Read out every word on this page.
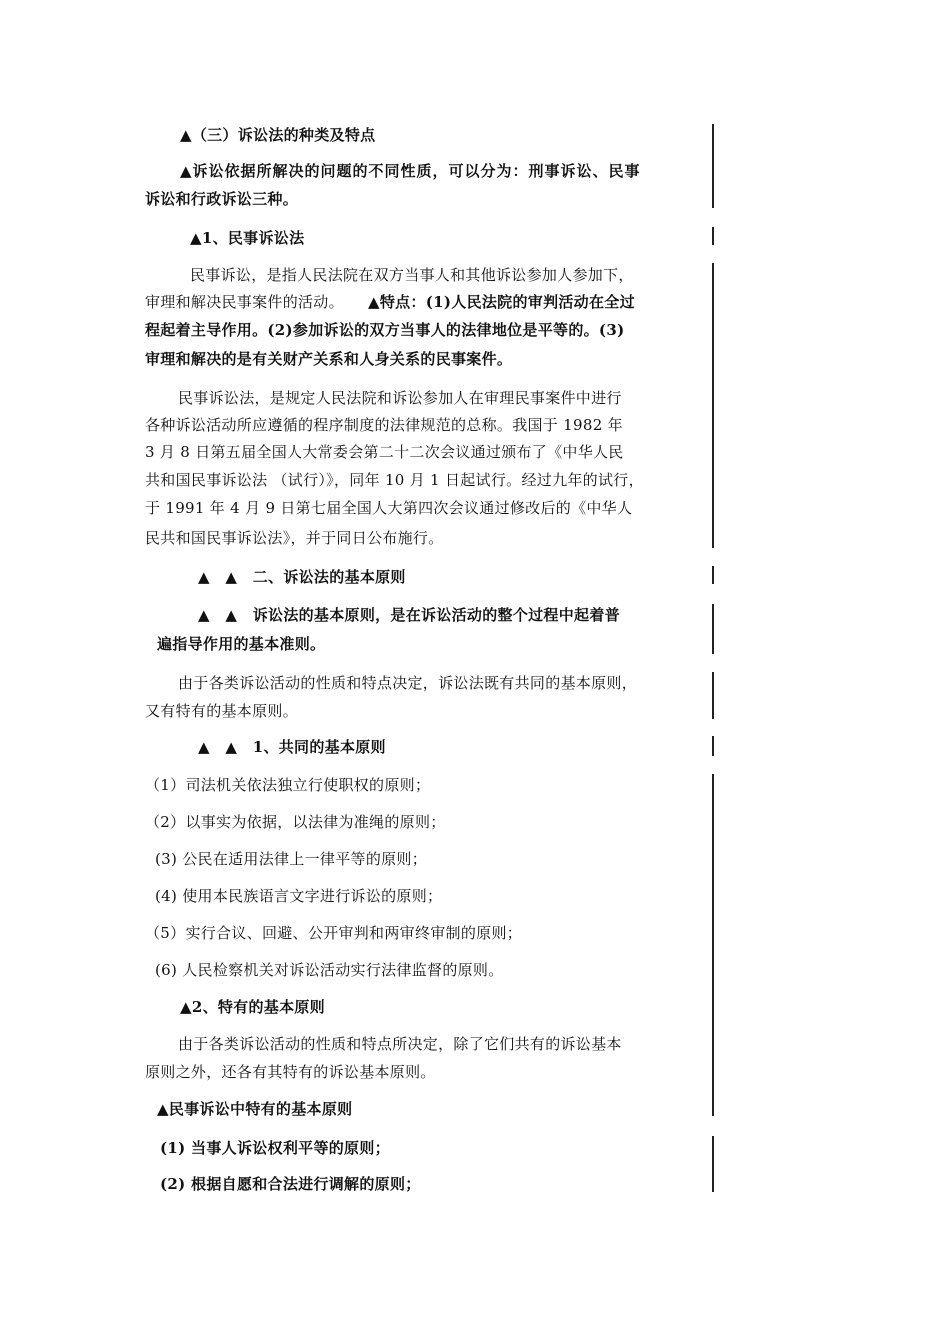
▲（三）诉讼法的种类及特点
▲诉讼依据所解决的问题的不同性质，可以分为：刑事诉讼、民事
诉讼和行政诉讼三种。
▲1、民事诉讼法
民事诉讼，是指人民法院在双方当事人和其他诉讼参加人参加下，
审理和解决民事案件的活动。 ▲特点：(1)人民法院的审判活动在全过
程起着主导作用。(2)参加诉讼的双方当事人的法律地位是平等的。(3)
审理和解决的是有关财产关系和人身关系的民事案件。
民事诉讼法，是规定人民法院和诉讼参加人在审理民事案件中进行
各种诉讼活动所应遵循的程序制度的法律规范的总称。我国于 1982 年
3 月 8 日第五届全国人大常委会第二十二次会议通过颁布了《中华人民
共和国民事诉讼法 （试行）》，同年 10 月 1 日起试行。经过九年的试行，
于 1991 年 4 月 9 日第七届全国人大第四次会议通过修改后的《中华人
民共和国民事诉讼法》，并于同日公布施行。
▲ ▲ 二、诉讼法的基本原则
▲ ▲ 诉讼法的基本原则，是在诉讼活动的整个过程中起着普
遍指导作用的基本准则。
由于各类诉讼活动的性质和特点决定，诉讼法既有共同的基本原则，
又有特有的基本原则。
▲ ▲ 1、共同的基本原则
（1）司法机关依法独立行使职权的原则；
（2）以事实为依据，以法律为准绳的原则；
(3) 公民在适用法律上一律平等的原则；
(4) 使用本民族语言文字进行诉讼的原则；
（5）实行合议、回避、公开审判和两审终审制的原则；
(6) 人民检察机关对诉讼活动实行法律监督的原则。
▲2、特有的基本原则
由于各类诉讼活动的性质和特点所决定，除了它们共有的诉讼基本
原则之外，还各有其特有的诉讼基本原则。
▲民事诉讼中特有的基本原则
(1) 当事人诉讼权利平等的原则；
(2) 根据自愿和合法进行调解的原则；
